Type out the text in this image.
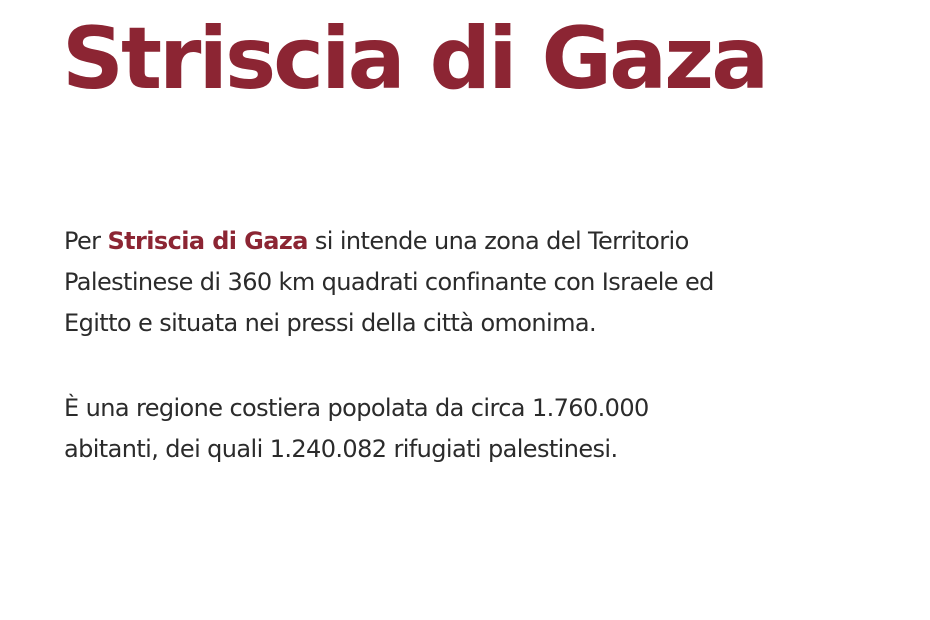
Striscia di Gaza

Per Striscia di Gaza si intende una zona del Territorio
Palestinese di 360 km quadrati confinante con Israele ed
Egitto e situata nei pressi della città omonima.

È una regione costiera popolata da circa 1.760.000
abitanti, dei quali 1.240.082 rifugiati palestinesi.
